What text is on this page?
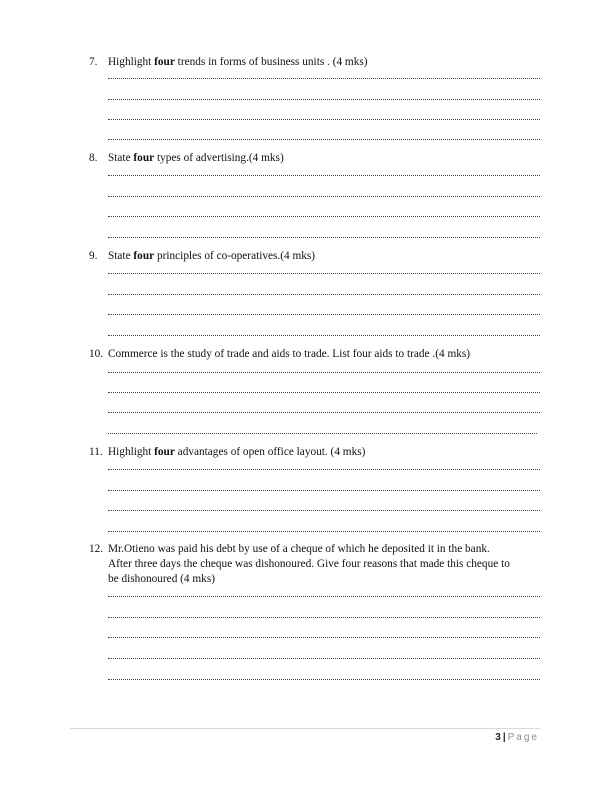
7. Highlight four trends in forms of business units . (4 mks)
8. State four types of advertising.(4 mks)
9. State four principles of co-operatives.(4 mks)
10. Commerce is the study of trade and aids to trade. List four aids to trade .(4 mks)
11. Highlight four advantages of open office layout. (4 mks)
12. Mr.Otieno was paid his debt by use of a cheque of which he deposited it in the bank.
After three days the cheque was dishonoured. Give four reasons that made this cheque to
be dishonoured (4 mks)
3 | Page
